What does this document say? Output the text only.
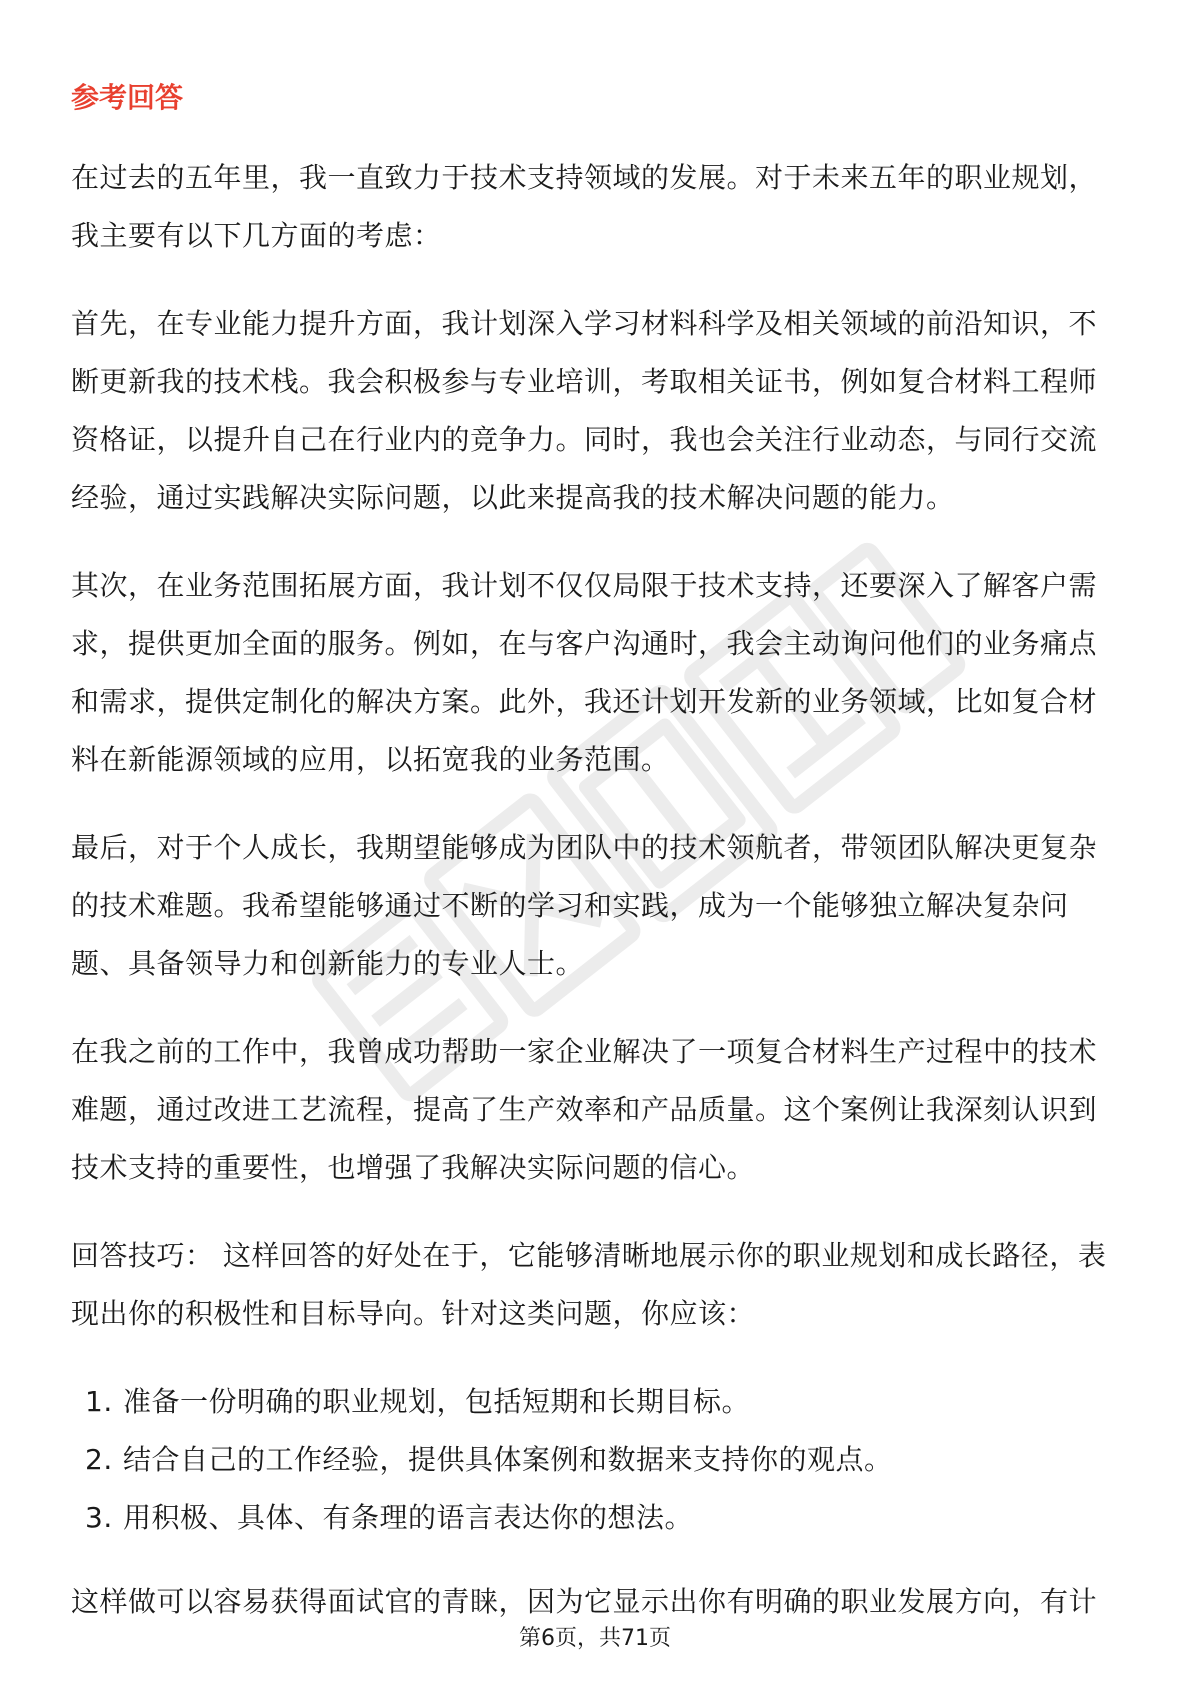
参考回答

在过去的五年里，我一直致力于技术支持领域的发展。对于未来五年的职业规划，我主要有以下几方面的考虑：

首先，在专业能力提升方面，我计划深入学习材料科学及相关领域的前沿知识，不断更新我的技术栈。我会积极参与专业培训，考取相关证书，例如复合材料工程师资格证，以提升自己在行业内的竞争力。同时，我也会关注行业动态，与同行交流经验，通过实践解决实际问题，以此来提高我的技术解决问题的能力。

其次，在业务范围拓展方面，我计划不仅仅局限于技术支持，还要深入了解客户需求，提供更加全面的服务。例如，在与客户沟通时，我会主动询问他们的业务痛点和需求，提供定制化的解决方案。此外，我还计划开发新的业务领域，比如复合材料在新能源领域的应用，以拓宽我的业务范围。

最后，对于个人成长，我期望能够成为团队中的技术领航者，带领团队解决更复杂的技术难题。我希望能够通过不断的学习和实践，成为一个能够独立解决复杂问题、具备领导力和创新能力的专业人士。

在我之前的工作中，我曾成功帮助一家企业解决了一项复合材料生产过程中的技术难题，通过改进工艺流程，提高了生产效率和产品质量。这个案例让我深刻认识到技术支持的重要性，也增强了我解决实际问题的信心。

回答技巧： 这样回答的好处在于，它能够清晰地展示你的职业规划和成长路径，表现出你的积极性和目标导向。针对这类问题，你应该：

1. 准备一份明确的职业规划，包括短期和长期目标。
2. 结合自己的工作经验，提供具体案例和数据来支持你的观点。
3. 用积极、具体、有条理的语言表达你的想法。

这样做可以容易获得面试官的青睐，因为它显示出你有明确的职业发展方向，有计

第6页，共71页
